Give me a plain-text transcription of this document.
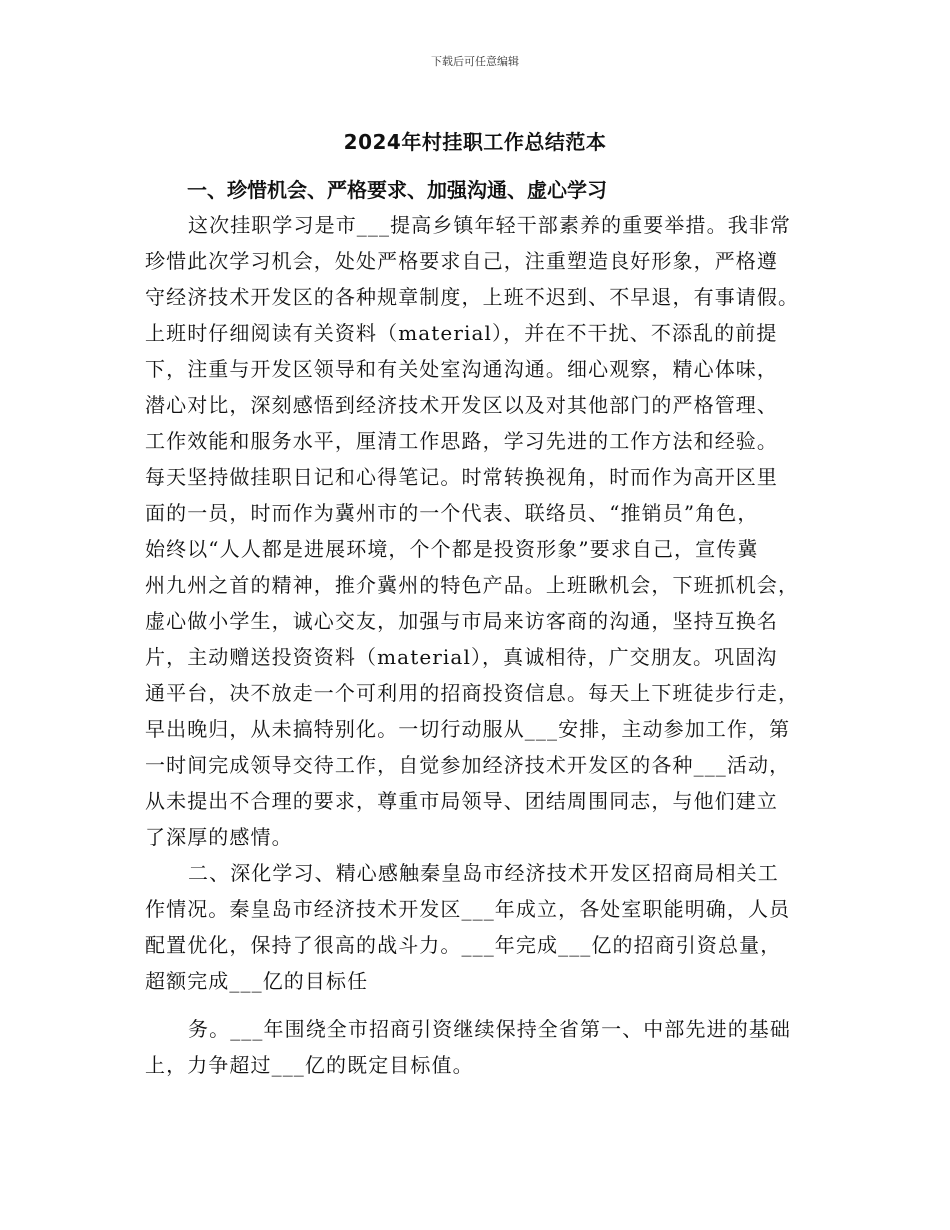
下载后可任意编辑
2024年村挂职工作总结范本
一、珍惜机会、严格要求、加强沟通、虚心学习
这次挂职学习是市___提高乡镇年轻干部素养的重要举措。我非常
珍惜此次学习机会，处处严格要求自己，注重塑造良好形象，严格遵
守经济技术开发区的各种规章制度，上班不迟到、不早退，有事请假。
上班时仔细阅读有关资料（material），并在不干扰、不添乱的前提
下，注重与开发区领导和有关处室沟通沟通。细心观察，精心体味，
潜心对比，深刻感悟到经济技术开发区以及对其他部门的严格管理、
工作效能和服务水平，厘清工作思路，学习先进的工作方法和经验。
每天坚持做挂职日记和心得笔记。时常转换视角，时而作为高开区里
面的一员，时而作为冀州市的一个代表、联络员、“推销员”角色，
始终以“人人都是进展环境，个个都是投资形象”要求自己，宣传冀
州九州之首的精神，推介冀州的特色产品。上班瞅机会，下班抓机会，
虚心做小学生，诚心交友，加强与市局来访客商的沟通，坚持互换名
片，主动赠送投资资料（material），真诚相待，广交朋友。巩固沟
通平台，决不放走一个可利用的招商投资信息。每天上下班徒步行走，
早出晚归，从未搞特别化。一切行动服从___安排，主动参加工作，第
一时间完成领导交待工作，自觉参加经济技术开发区的各种___活动，
从未提出不合理的要求，尊重市局领导、团结周围同志，与他们建立
了深厚的感情。
二、深化学习、精心感触秦皇岛市经济技术开发区招商局相关工
作情况。秦皇岛市经济技术开发区___年成立，各处室职能明确，人员
配置优化，保持了很高的战斗力。___年完成___亿的招商引资总量，
超额完成___亿的目标任
务。___年围绕全市招商引资继续保持全省第一、中部先进的基础
上，力争超过___亿的既定目标值。
